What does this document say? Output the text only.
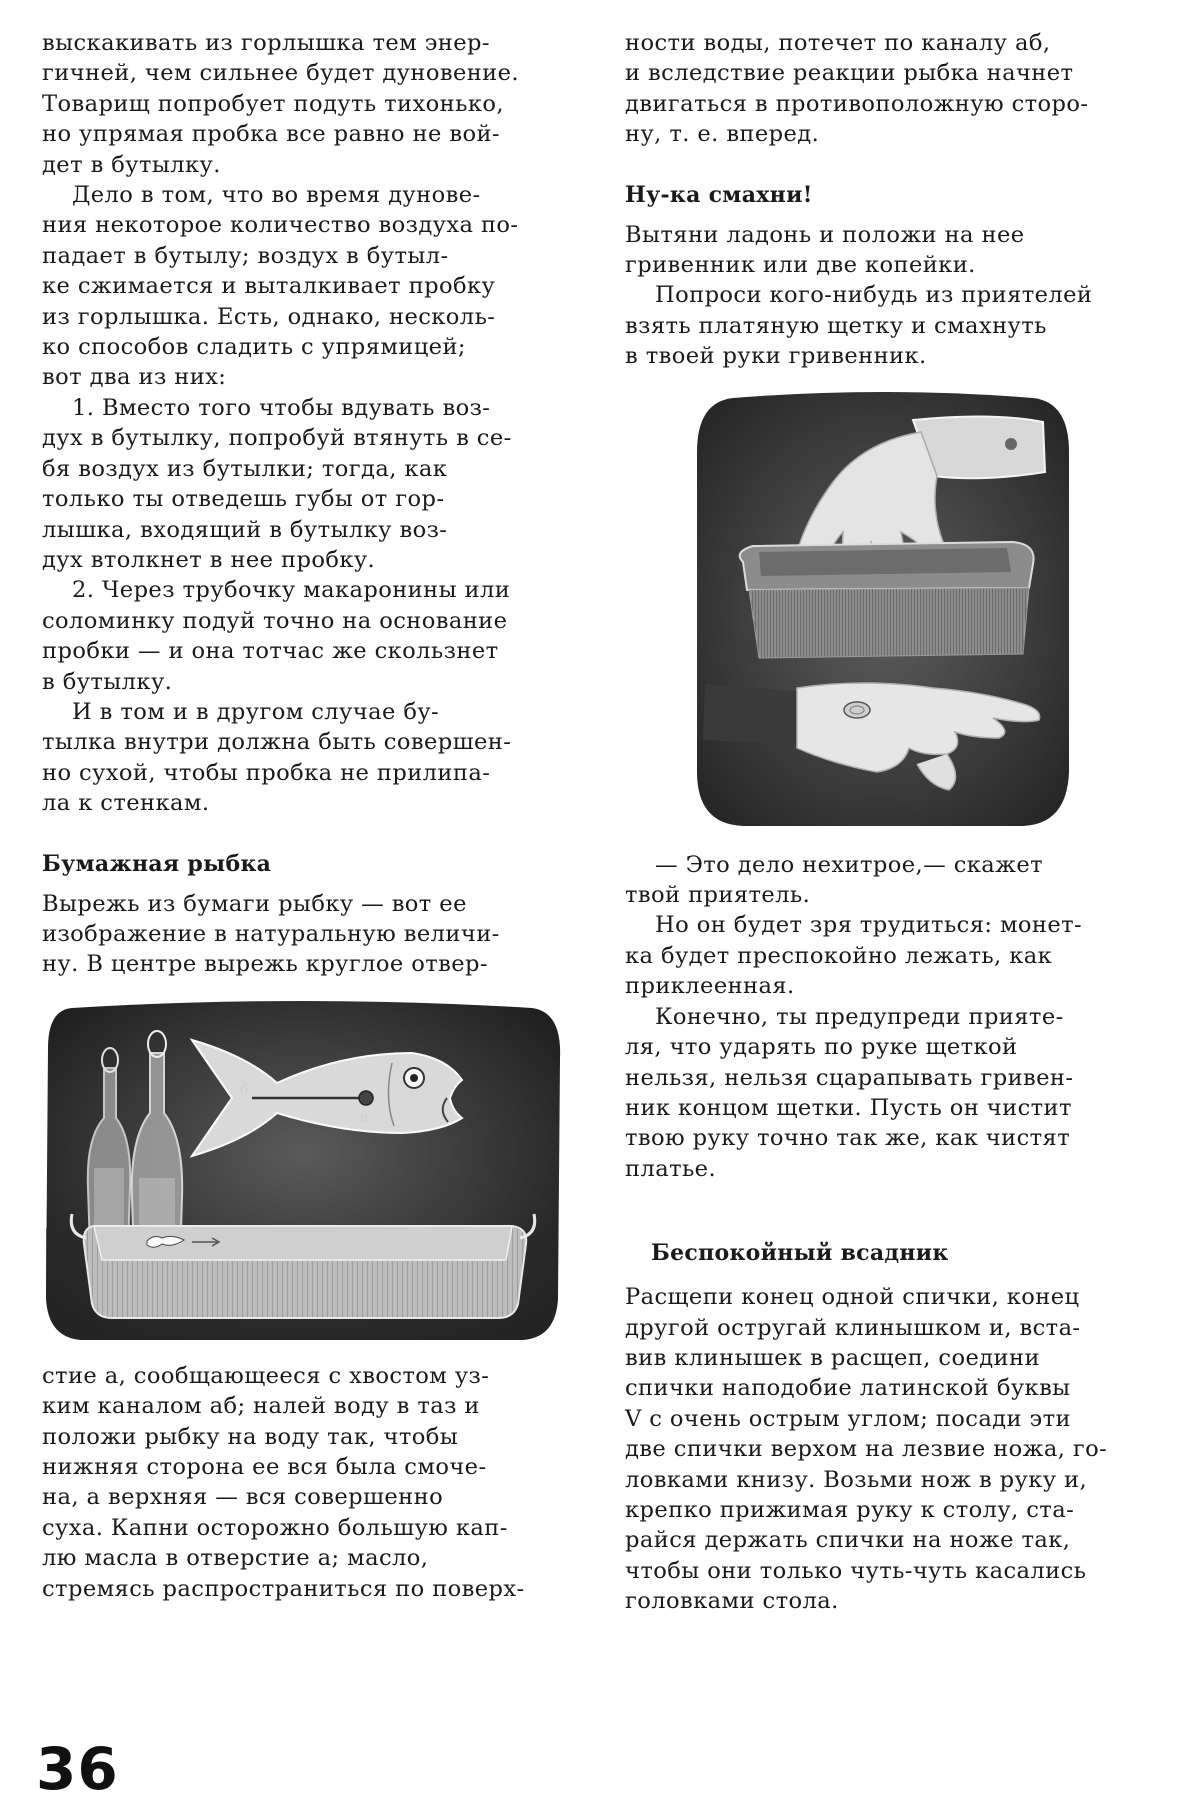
выскакивать из горлышка тем энер-
гичней, чем сильнее будет дуновение.
Товарищ попробует подуть тихонько,
но упрямая пробка все равно не вой-
дет в бутылку.

Дело в том, что во время дунове-
ния некоторое количество воздуха по-
падает в бутылу; воздух в бутыл-
ке сжимается и выталкивает пробку
из горлышка. Есть, однако, несколь-
ко способов сладить с упрямицей;
вот два из них:

1. Вместо того чтобы вдувать воз-
дух в бутылку, попробуй втянуть в се-
бя воздух из бутылки; тогда, как
только ты отведешь губы от гор-
лышка, входящий в бутылку воз-
дух втолкнет в нее пробку.

2. Через трубочку макаронины или
соломинку подуй точно на основание
пробки — и она тотчас же скользнет
в бутылку.

И в том и в другом случае бу-
тылка внутри должна быть совершен-
но сухой, чтобы пробка не прилипа-
ла к стенкам.

Бумажная рыбка

Вырежь из бумаги рыбку — вот ее
изображение в натуральную величи-
ну. В центре вырежь круглое отвер-

б
а

стие а, сообщающееся с хвостом уз-
ким каналом аб; налей воду в таз и
положи рыбку на воду так, чтобы
нижняя сторона ее вся была смоче-
на, а верхняя — вся совершенно
суха. Капни осторожно большую кап-
лю масла в отверстие а; масло,
стремясь распространиться по поверх-

ности воды, потечет по каналу аб,
и вследствие реакции рыбка начнет
двигаться в противоположную сторо-
ну, т. е. вперед.

Ну-ка смахни!

Вытяни ладонь и положи на нее
гривенник или две копейки.

Попроси кого-нибудь из приятелей
взять платяную щетку и смахнуть
в твоей руки гривенник.

— Это дело нехитрое,— скажет
твой приятель.

Но он будет зря трудиться: монет-
ка будет преспокойно лежать, как
приклеенная.

Конечно, ты предупреди прияте-
ля, что ударять по руке щеткой
нельзя, нельзя сцарапывать гривен-
ник концом щетки. Пусть он чистит
твою руку точно так же, как чистят
платье.

Беспокойный всадник

Расщепи конец одной спички, конец
другой остругай клинышком и, вста-
вив клинышек в расщеп, соедини
спички наподобие латинской буквы
V с очень острым углом; посади эти
две спички верхом на лезвие ножа, го-
ловками книзу. Возьми нож в руку и,
крепко прижимая руку к столу, ста-
райся держать спички на ноже так,
чтобы они только чуть-чуть касались
головками стола.

36
